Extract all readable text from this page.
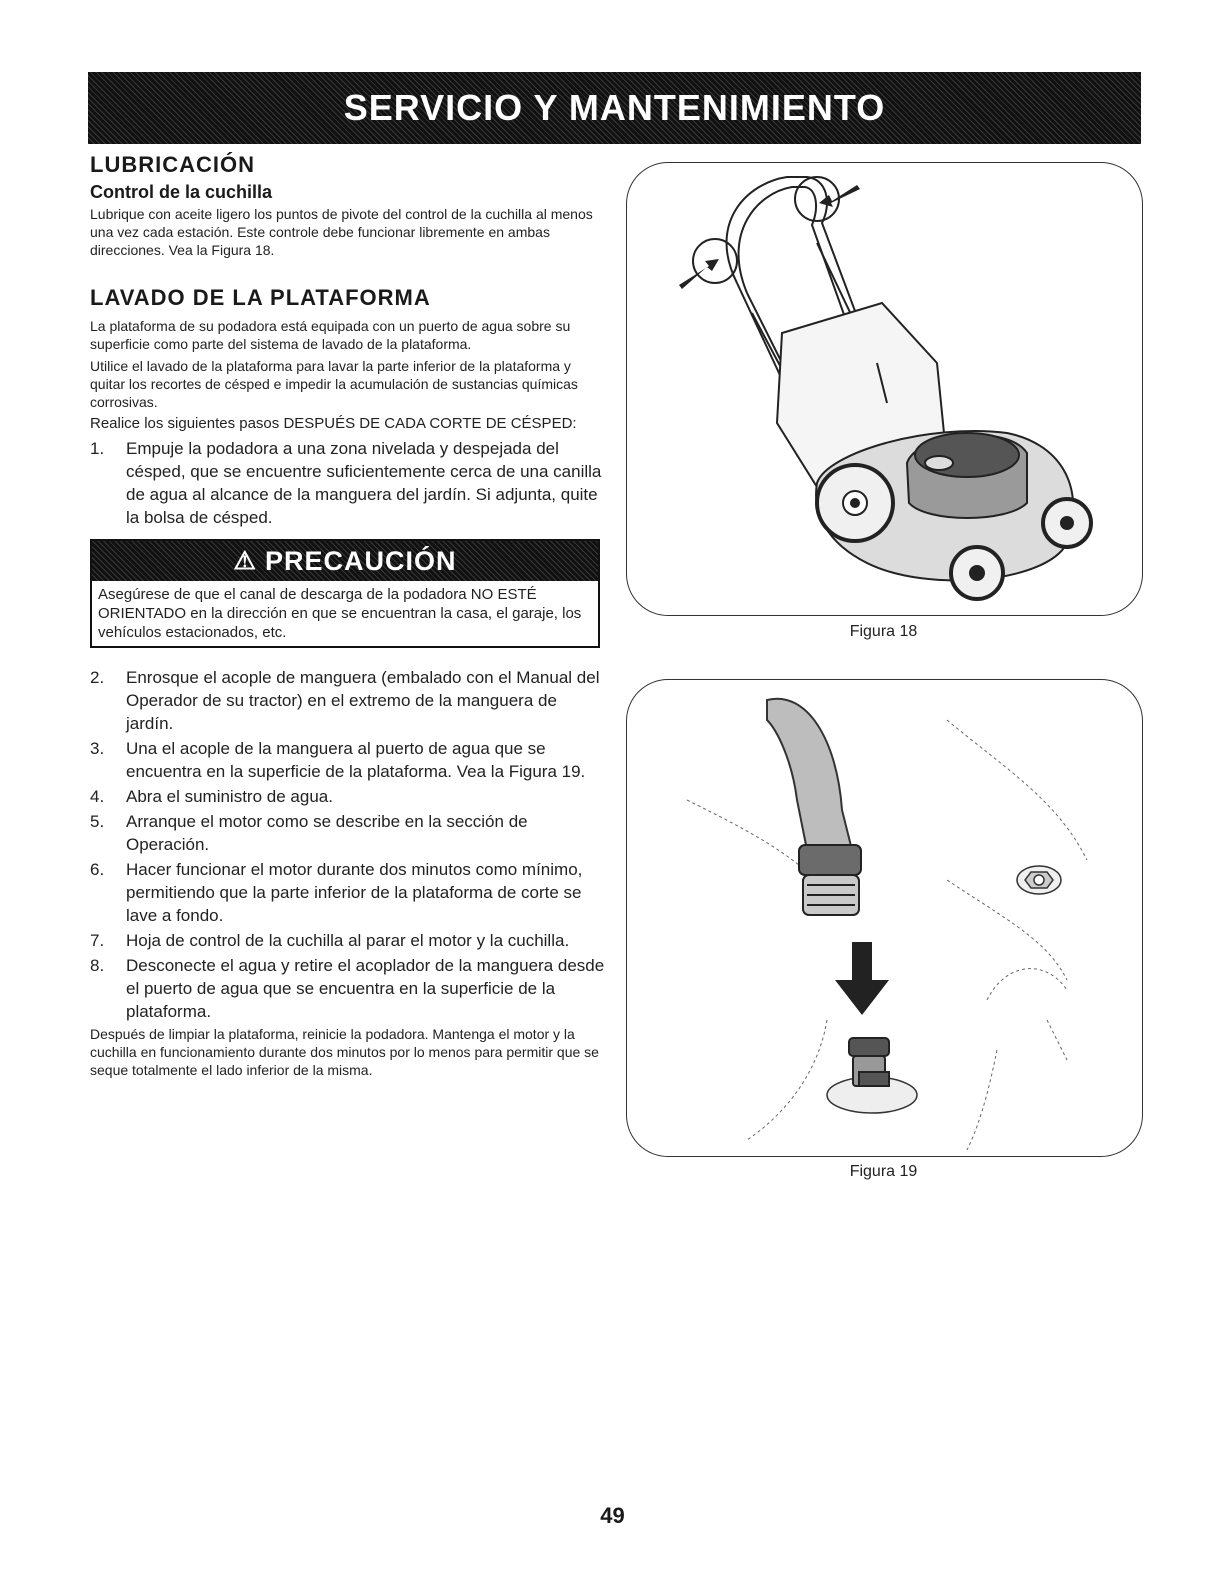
SERVICIO Y MANTENIMIENTO
LUBRICACIÓN
Control de la cuchilla

Lubrique con aceite ligero los puntos de pivote del control de la cuchilla al menos una vez cada estación. Este controle debe funcionar libremente en ambas direcciones. Vea la Figura 18.

LAVADO DE LA PLATAFORMA

La plataforma de su podadora está equipada con un puerto de agua sobre su superficie como parte del sistema de lavado de la plataforma.

Utilice el lavado de la plataforma para lavar la parte inferior de la plataforma y quitar los recortes de césped e impedir la acumulación de sustancias químicas corrosivas.

Realice los siguientes pasos DESPUÉS DE CADA CORTE DE CÉSPED:

1.	Empuje la podadora a una zona nivelada y despejada del césped, que se encuentre suficientemente cerca de una canilla de agua al alcance de la manguera del jardín. Si adjunta, quite la bolsa de césped.
⚠ PRECAUCIÓN
Asegúrese de que el canal de descarga de la podadora NO ESTÉ ORIENTADO en la dirección en que se encuentran la casa, el garaje, los vehículos estacionados, etc.
2.	Enrosque el acople de manguera (embalado con el Manual del Operador de su tractor) en el extremo de la manguera de jardín.
3.	Una el acople de la manguera al puerto de agua que se encuentra en la superficie de la plataforma. Vea la Figura 19.
4.	Abra el suministro de agua.
5.	Arranque el motor como se describe en la sección de Operación.
6.	Hacer funcionar el motor durante dos minutos como mínimo, permitiendo que la parte inferior de la plataforma de corte se lave a fondo.
7.	Hoja de control de la cuchilla al parar el motor y la cuchilla.
8.	Desconecte el agua y retire el acoplador de la manguera desde el puerto de agua que se encuentra en la superficie de la plataforma.

Después de limpiar la plataforma, reinicie la podadora. Mantenga el motor y la cuchilla en funcionamiento durante dos minutos por lo menos para permitir que se seque totalmente el lado inferior de la misma.

Figura 18
Figura 19
49
